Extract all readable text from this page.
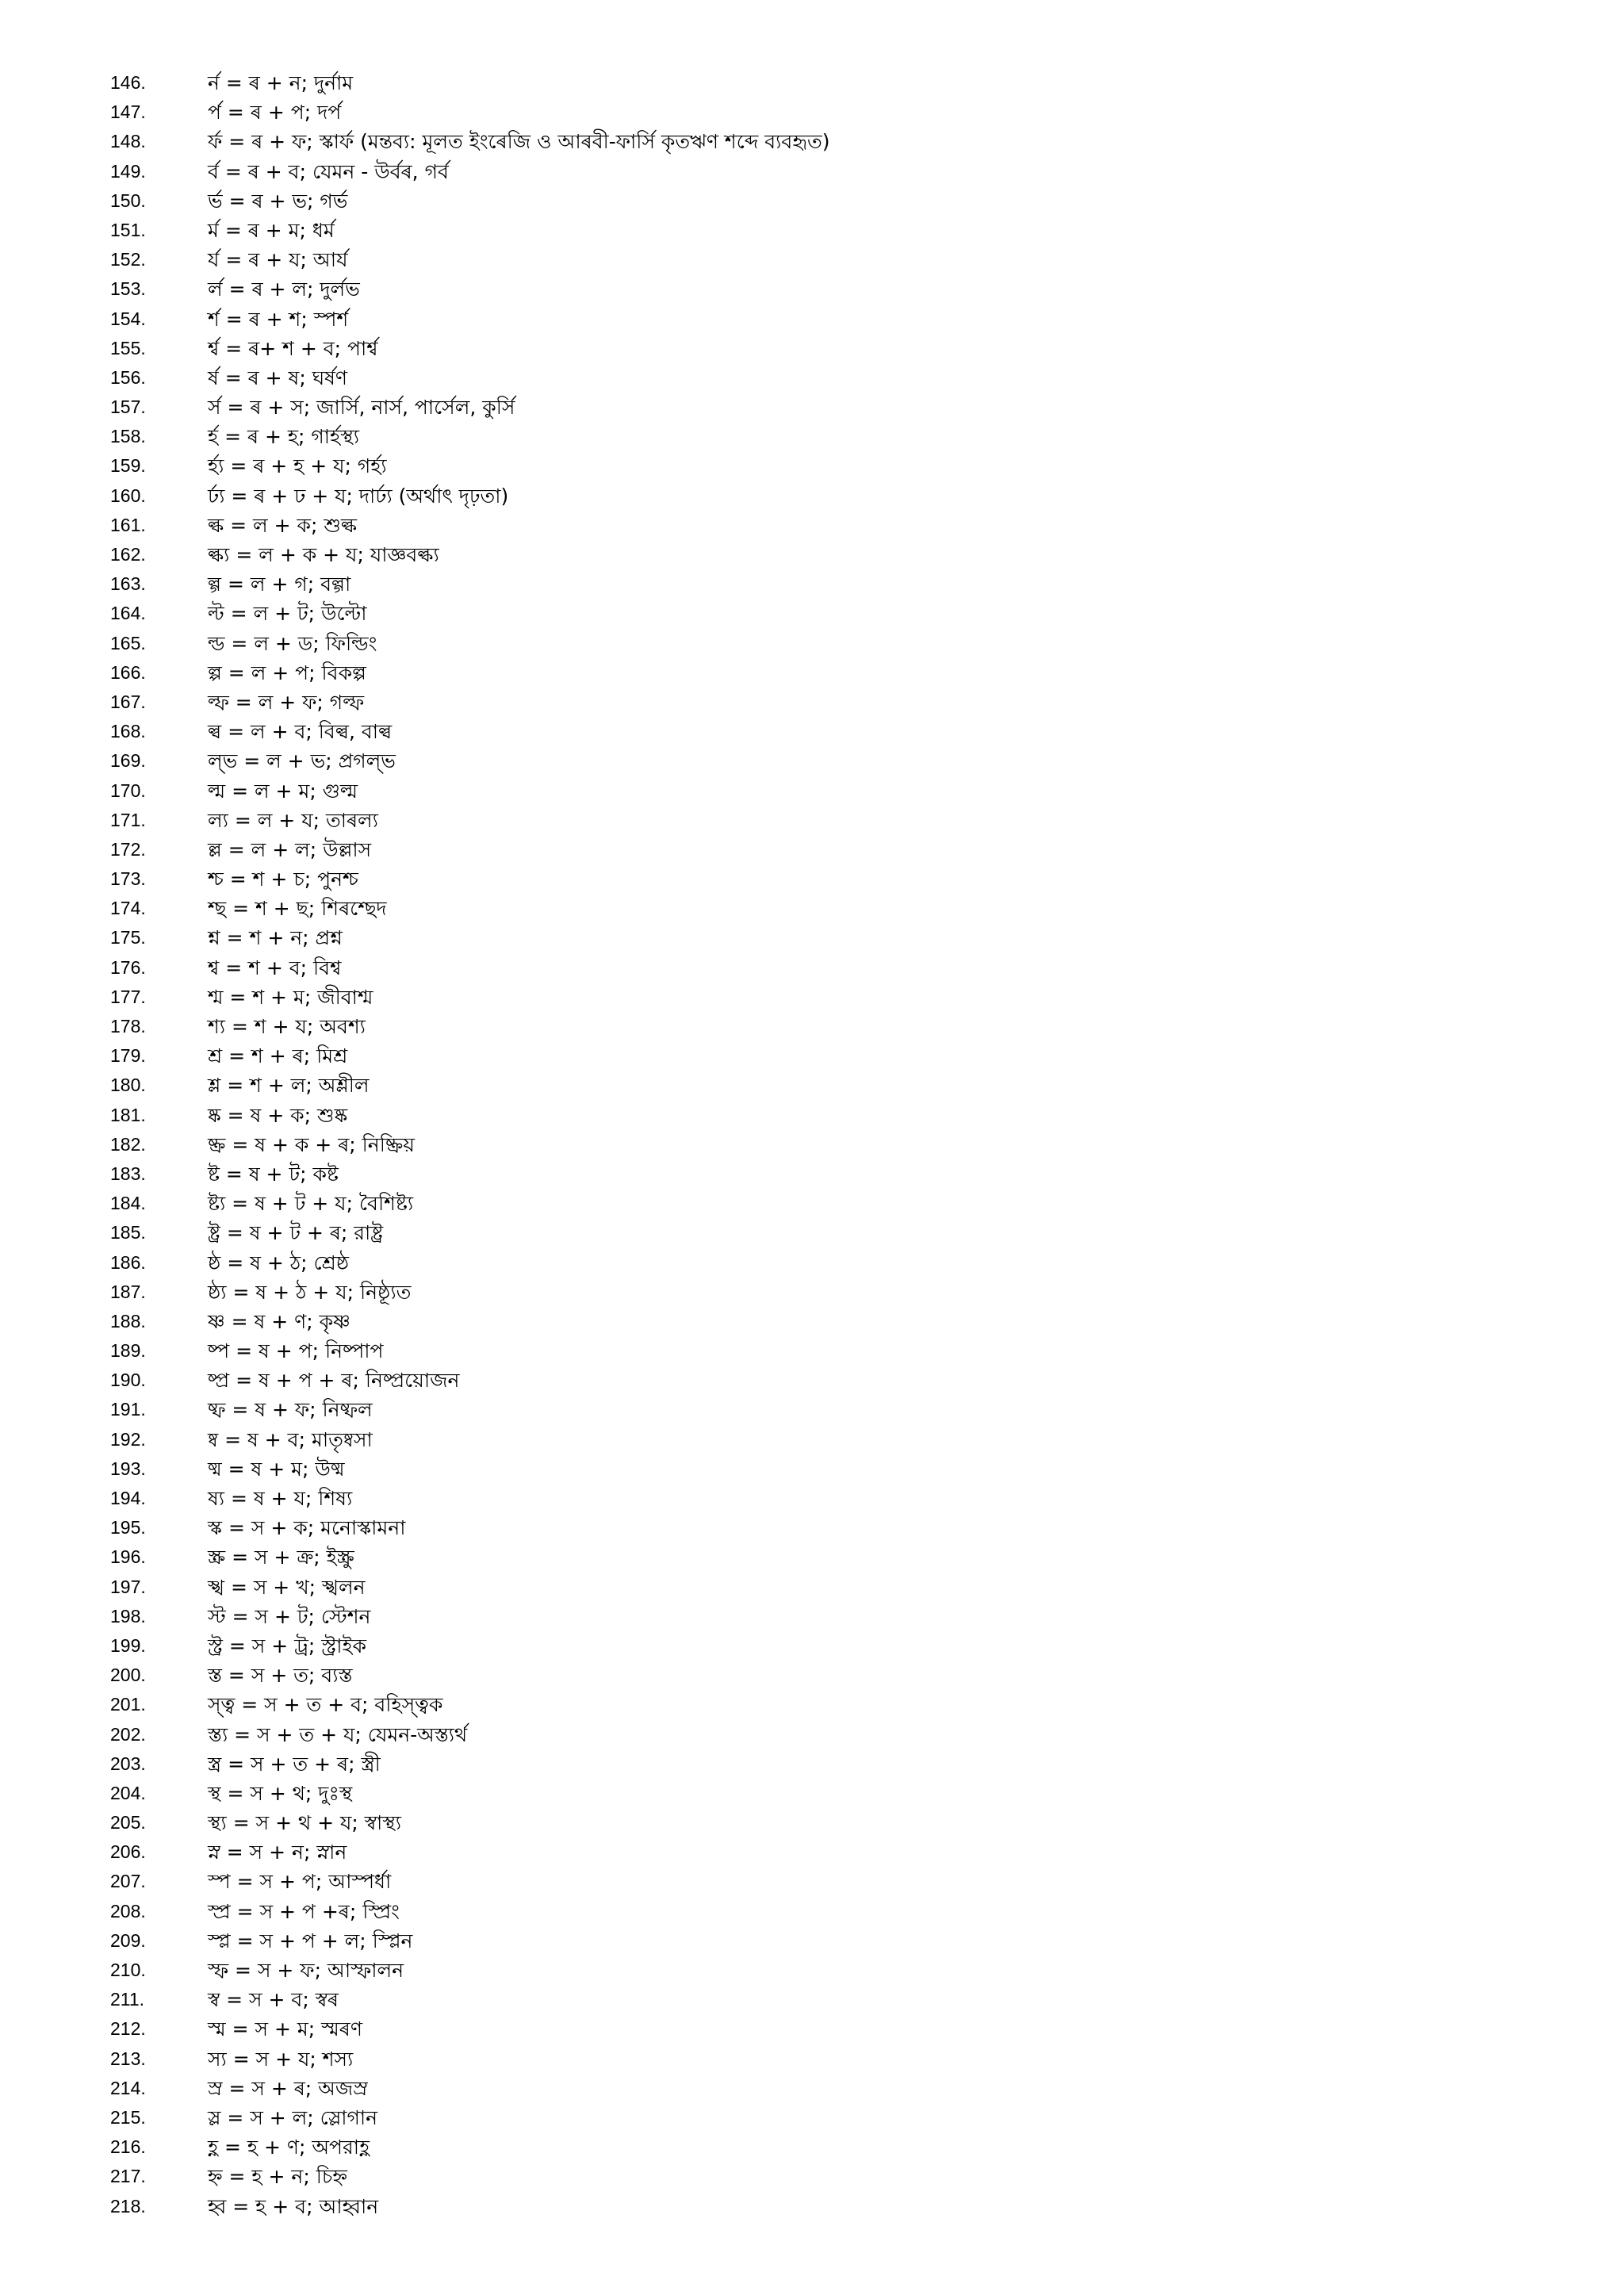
146.	র্ন = ৰ + ন; দুর্নাম
147.	র্প = ৰ + প; দর্প
148.	র্ফ = ৰ + ফ; স্কার্ফ (মন্তব্য: মূলত ইংৰেজি ও আৰবী-ফার্সি কৃতঋণ শব্দে ব্যবহৃত)
149.	র্ব = ৰ + ব; যেমন - উর্বৰ, গর্ব
150.	র্ভ = ৰ + ভ; গর্ভ
151.	র্ম = ৰ + ম; ধর্ম
152.	র্য = ৰ + য; আর্য
153.	র্ল = ৰ + ল; দুর্লভ
154.	র্শ = ৰ + শ; স্পর্শ
155.	র্শ্ব = ৰ+ শ + ব; পার্শ্ব
156.	র্ষ = ৰ + ষ; ঘর্ষণ
157.	র্স = ৰ + স; জার্সি, নার্স, পার্সেল, কুর্সি
158.	র্হ = ৰ + হ; গার্হস্থ্য
159.	র্হ্য = ৰ + হ + য; গর্হ্য
160.	র্ঢ্য = ৰ + ঢ + য; দার্ঢ্য (অর্থাৎ দৃঢ়তা)
161.	ল্ক = ল + ক; শুল্ক
162.	ল্ক্য = ল + ক + য; যাজ্ঞবল্ক্য
163.	ল্গ = ল + গ; বল্গা
164.	ল্ট = ল + ট; উল্টো
165.	ল্ড = ল + ড; ফিল্ডিং
166.	ল্প = ল + প; বিকল্প
167.	ল্ফ = ল + ফ; গল্ফ
168.	ল্ব = ল + ব; বিল্ব, বাল্ব
169.	ল্ভ = ল + ভ; প্রগল্ভ
170.	ল্ম = ল + ম; গুল্ম
171.	ল্য = ল + য; তাৰল্য
172.	ল্ল = ল + ল; উল্লাস
173.	শ্চ = শ + চ; পুনশ্চ
174.	শ্ছ = শ + ছ; শিৰশ্ছেদ
175.	শ্ন = শ + ন; প্রশ্ন
176.	শ্ব = শ + ব; বিশ্ব
177.	শ্ম = শ + ম; জীবাশ্ম
178.	শ্য = শ + য; অবশ্য
179.	শ্র = শ + ৰ; মিশ্র
180.	শ্ল = শ + ল; অশ্লীল
181.	ষ্ক = ষ + ক; শুষ্ক
182.	ষ্ক্র = ষ + ক + ৰ; নিষ্ক্রিয়
183.	ষ্ট = ষ + ট; কষ্ট
184.	ষ্ট্য = ষ + ট + য; বৈশিষ্ট্য
185.	ষ্ট্র = ষ + ট + ৰ; রাষ্ট্র
186.	ষ্ঠ = ষ + ঠ; শ্রেষ্ঠ
187.	ষ্ঠ্য = ষ + ঠ + য; নিষ্ঠ্যূত
188.	ষ্ণ = ষ + ণ; কৃষ্ণ
189.	ষ্প = ষ + প; নিষ্পাপ
190.	ষ্প্র = ষ + প + ৰ; নিষ্প্রয়োজন
191.	ষ্ফ = ষ + ফ; নিষ্ফল
192.	ষ্ব = ষ + ব; মাতৃষ্বসা
193.	ষ্ম = ষ + ম; উষ্ম
194.	ষ্য = ষ + য; শিষ্য
195.	স্ক = স + ক; মনোস্কামনা
196.	স্ক্র = স + ক্র; ইস্ক্রু
197.	স্খ = স + খ; স্খলন
198.	স্ট = স + ট; স্টেশন
199.	স্ট্র = স + ট্র; স্ট্রাইক
200.	স্ত = স + ত; ব্যস্ত
201.	স্ত্ব = স + ত + ব; বহিস্ত্বক
202.	স্ত্য = স + ত + য; যেমন-অস্ত্যর্থ
203.	স্ত্র = স + ত + ৰ; স্ত্রী
204.	স্থ = স + থ; দুঃস্থ
205.	স্থ্য = স + থ + য; স্বাস্থ্য
206.	স্ন = স + ন; স্নান
207.	স্প = স + প; আস্পর্ধা
208.	স্প্র = স + প +ৰ; স্প্রিং
209.	স্প্ল = স + প + ল; স্প্লিন
210.	স্ফ = স + ফ; আস্ফালন
211.	স্ব = স + ব; স্বৰ
212.	স্ম = স + ম; স্মৰণ
213.	স্য = স + য; শস্য
214.	স্র = স + ৰ; অজস্র
215.	স্ল = স + ল; স্লোগান
216.	হ্ণ = হ + ণ; অপরাহ্ণ
217.	হ্ন = হ + ন; চিহ্ন
218.	হ্ব = হ + ব; আহ্বান
